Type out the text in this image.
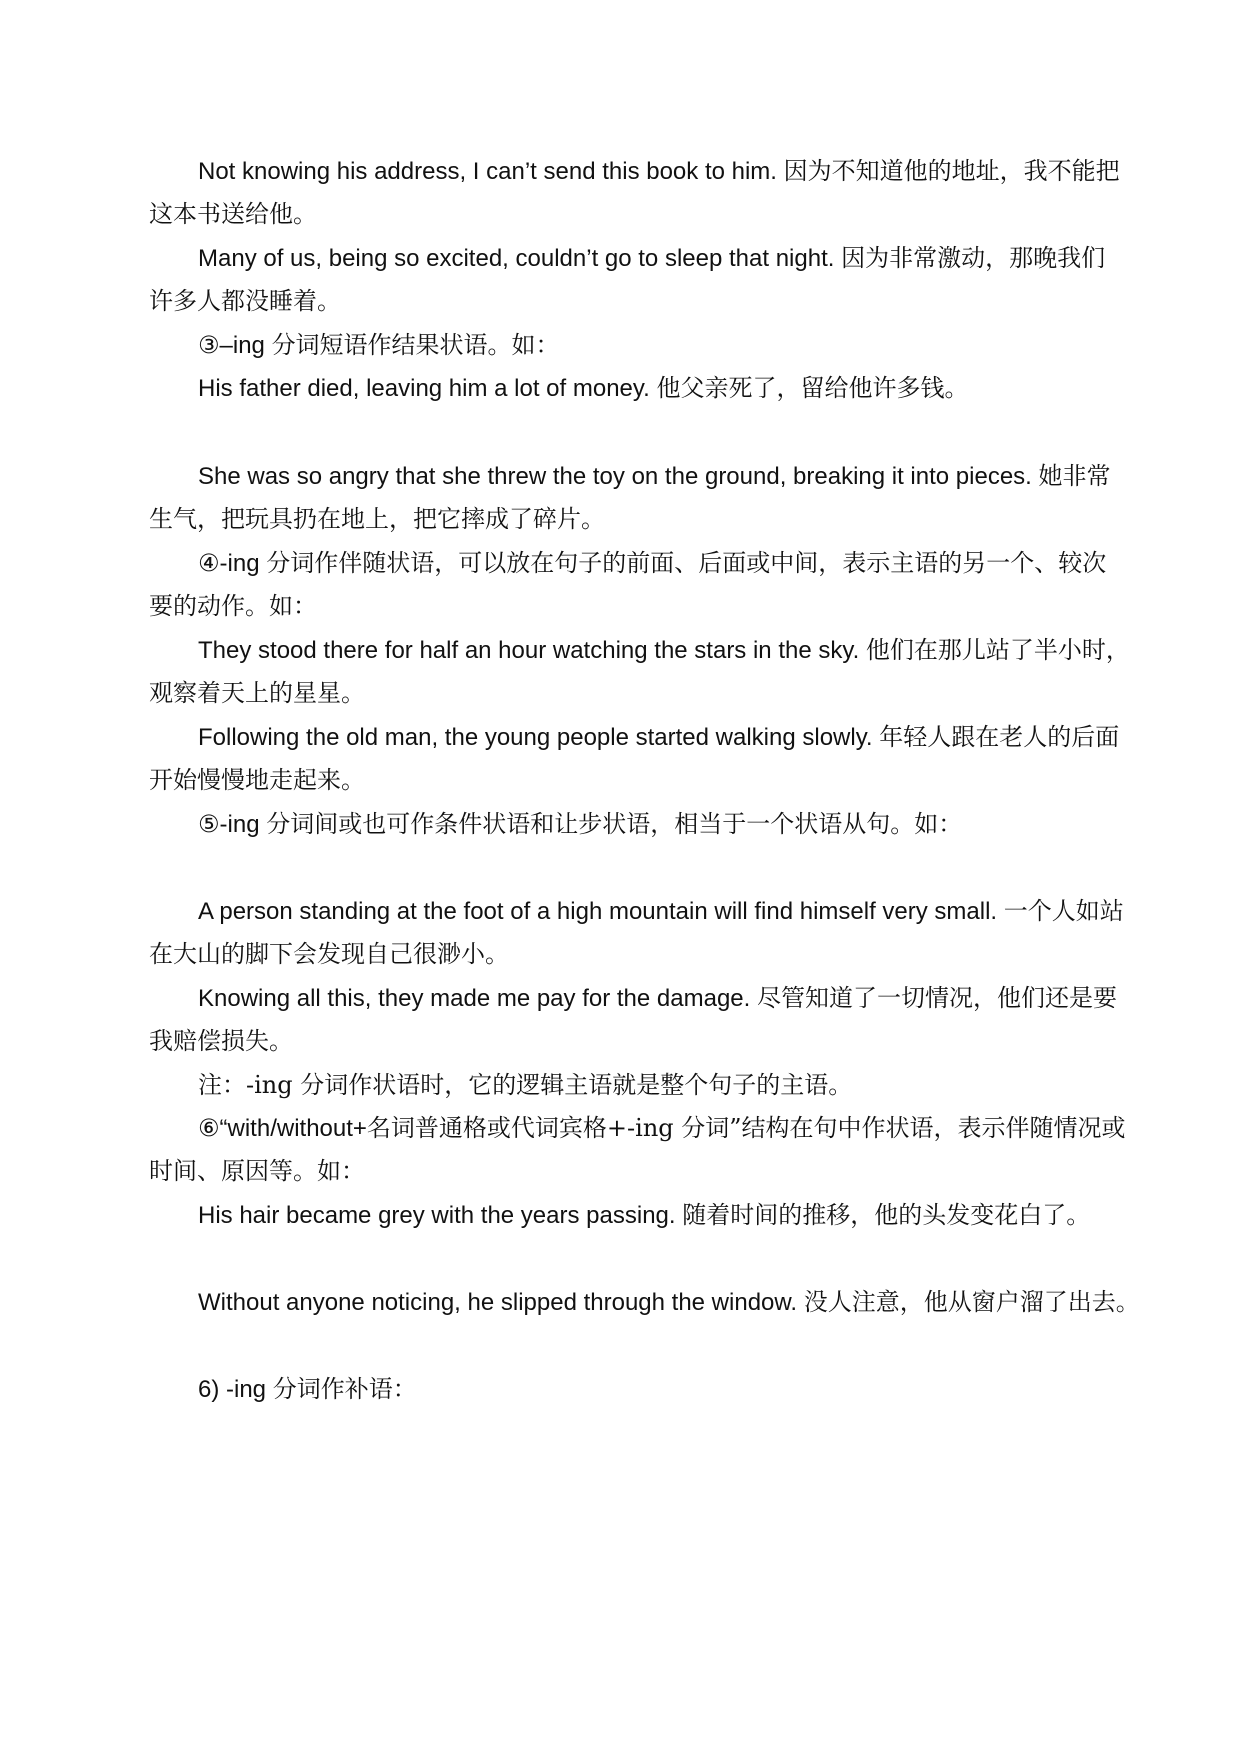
Not knowing his address, I can’t send this book to him. 因为不知道他的地址，我不能把
这本书送给他。
Many of us, being so excited, couldn’t go to sleep that night. 因为非常激动，那晚我们
许多人都没睡着。
③–ing 分词短语作结果状语。如：
His father died, leaving him a lot of money. 他父亲死了，留给他许多钱。
She was so angry that she threw the toy on the ground, breaking it into pieces. 她非常
生气，把玩具扔在地上，把它摔成了碎片。
④-ing 分词作伴随状语，可以放在句子的前面、后面或中间，表示主语的另一个、较次
要的动作。如：
They stood there for half an hour watching the stars in the sky. 他们在那儿站了半小时，
观察着天上的星星。
Following the old man, the young people started walking slowly. 年轻人跟在老人的后面
开始慢慢地走起来。
⑤-ing 分词间或也可作条件状语和让步状语，相当于一个状语从句。如：
A person standing at the foot of a high mountain will find himself very small. 一个人如站
在大山的脚下会发现自己很渺小。
Knowing all this, they made me pay for the damage. 尽管知道了一切情况，他们还是要
我赔偿损失。
注：-ing 分词作状语时，它的逻辑主语就是整个句子的主语。
⑥“with/without+名词普通格或代词宾格+-ing 分词”结构在句中作状语，表示伴随情况或
时间、原因等。如：
His hair became grey with the years passing. 随着时间的推移，他的头发变花白了。
Without anyone noticing, he slipped through the window. 没人注意，他从窗户溜了出去。
6) -ing 分词作补语：
